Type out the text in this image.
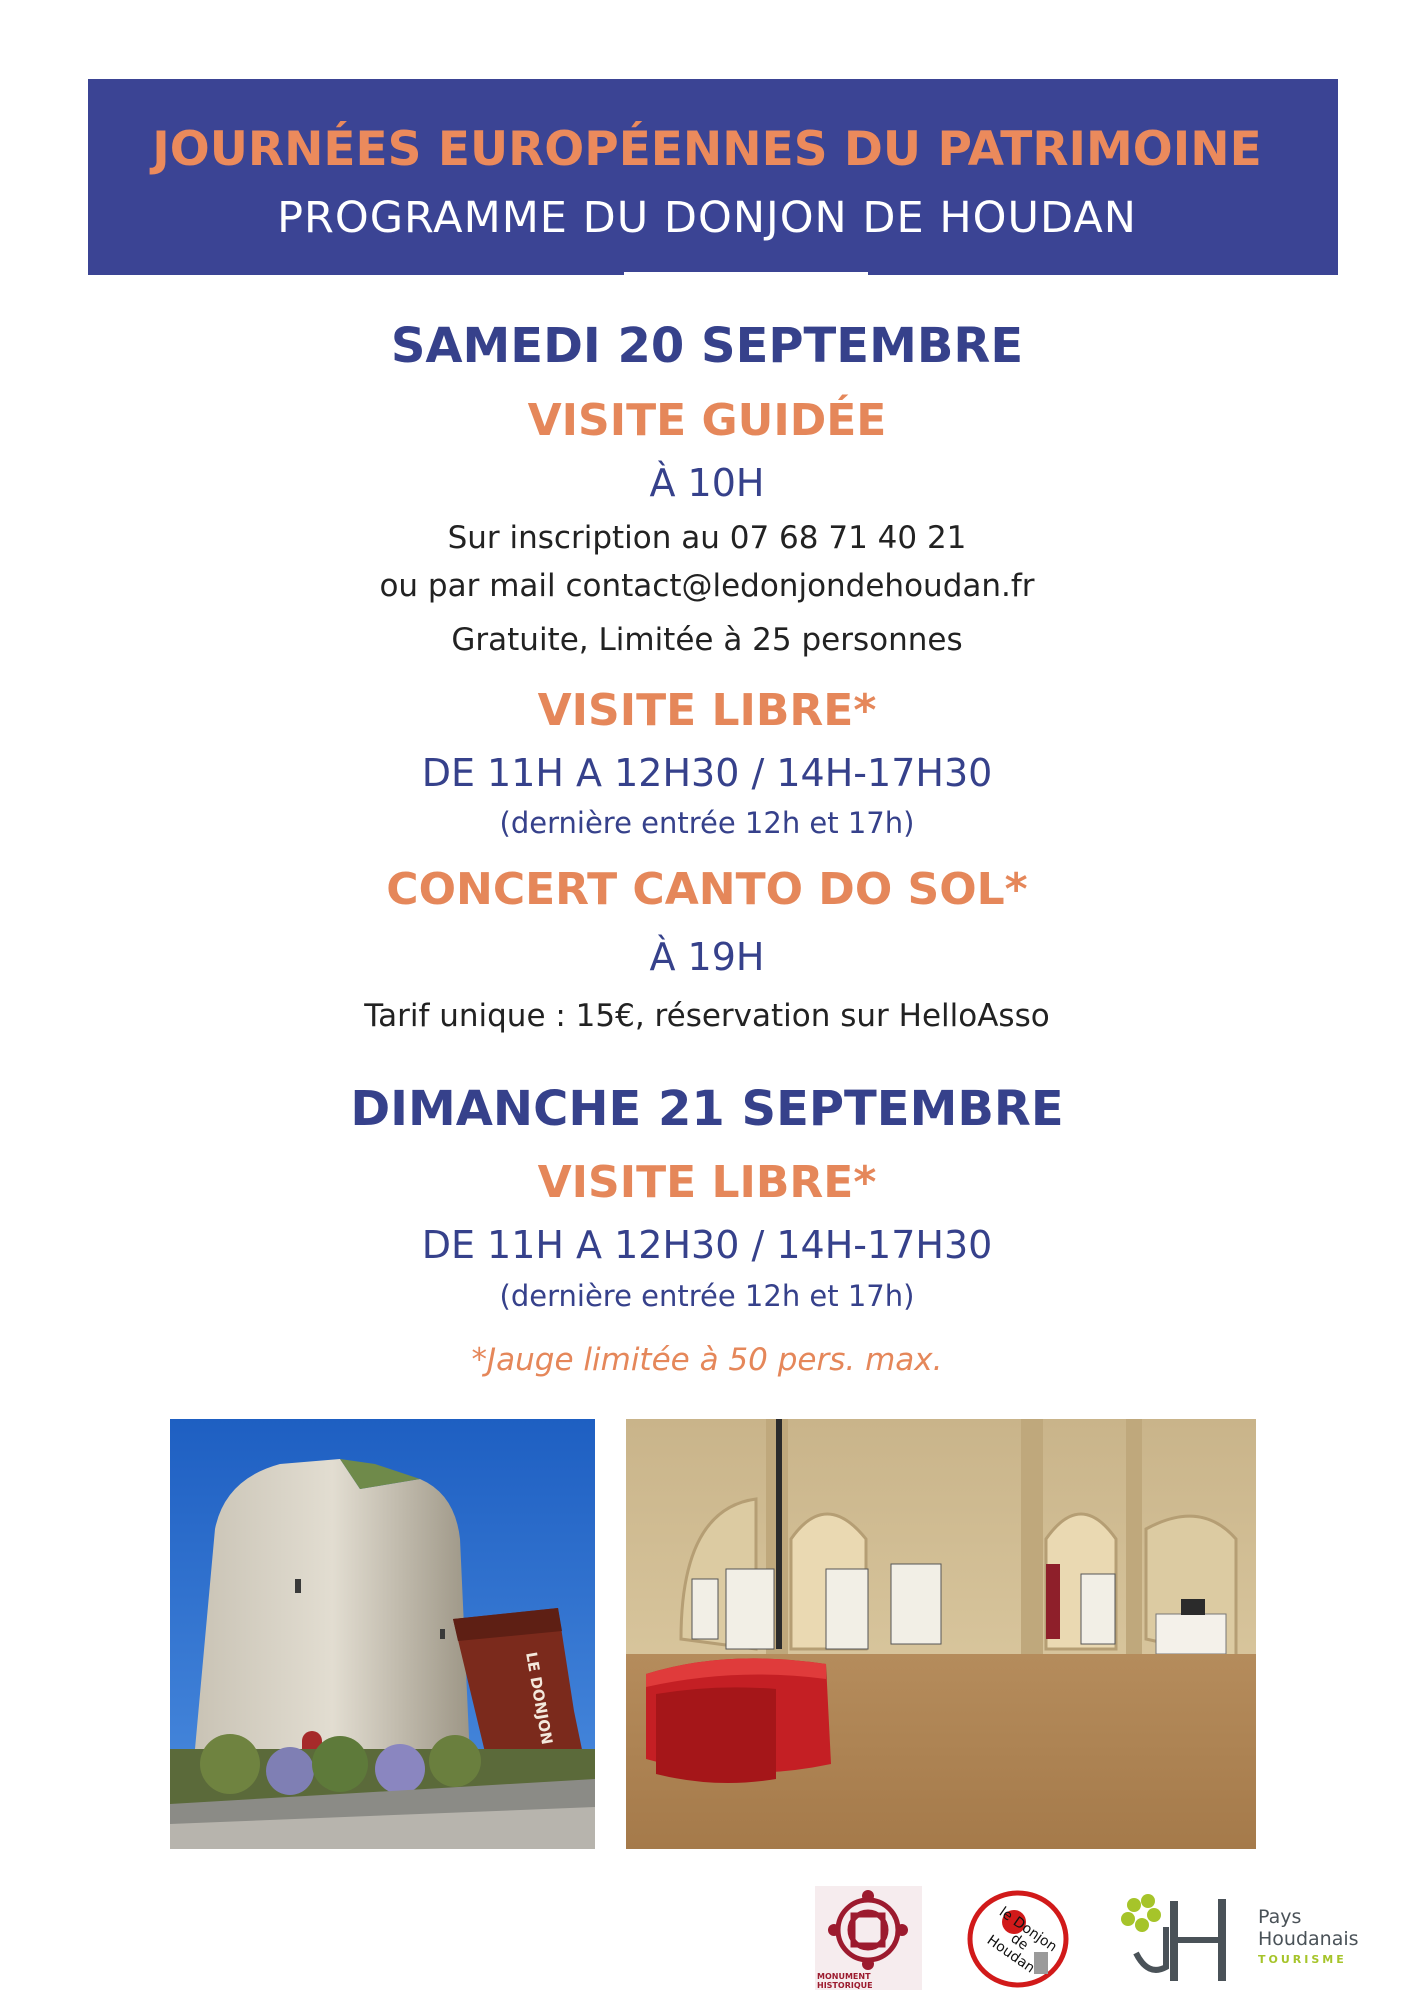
JOURNÉES EUROPÉENNES DU PATRIMOINE
PROGRAMME DU DONJON DE HOUDAN
SAMEDI 20 SEPTEMBRE
VISITE GUIDÉE
À 10H
Sur inscription au 07 68 71 40 21
ou par mail contact@ledonjondehoudan.fr
Gratuite, Limitée à 25 personnes
VISITE LIBRE*
DE 11H A 12H30 / 14H-17H30
(dernière entrée 12h et 17h)
CONCERT CANTO DO SOL*
À 19H
Tarif unique : 15€, réservation sur HelloAsso
DIMANCHE 21 SEPTEMBRE
VISITE LIBRE*
DE 11H A 12H30 / 14H-17H30
(dernière entrée 12h et 17h)
*Jauge limitée à 50 pers. max.
LE DONJON
MONUMENT HISTORIQUE
le Donjon de Houdan
Pays
Houdanais
TOURISME
